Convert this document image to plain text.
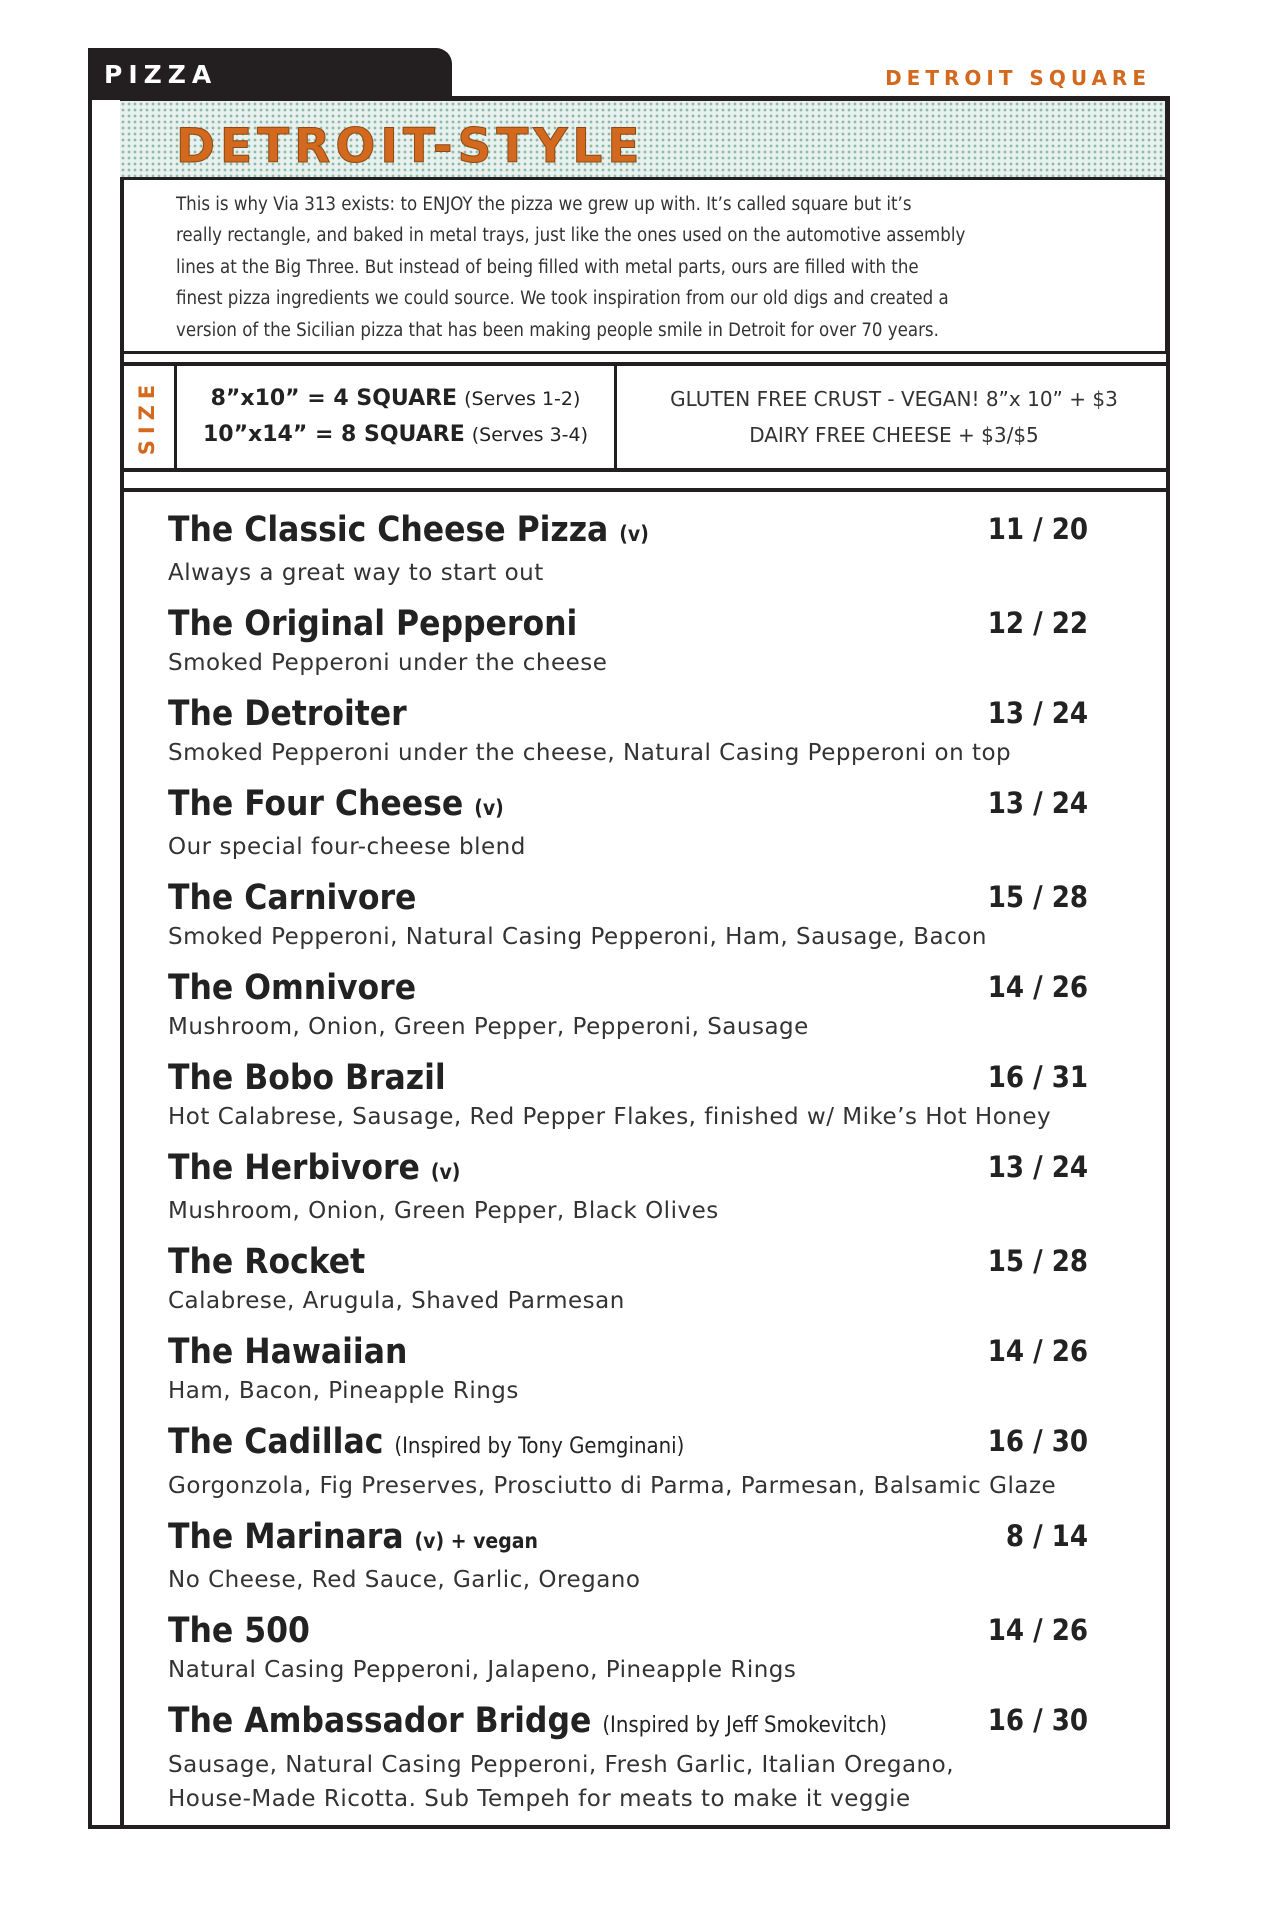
PIZZA	DETROIT SQUARE
DETROIT-STYLE
This is why Via 313 exists: to ENJOY the pizza we grew up with. It’s called square but it’s
really rectangle, and baked in metal trays, just like the ones used on the automotive assembly
lines at the Big Three. But instead of being filled with metal parts, ours are filled with the
finest pizza ingredients we could source. We took inspiration from our old digs and created a
version of the Sicilian pizza that has been making people smile in Detroit for over 70 years.
SIZE	8”x10” = 4 SQUARE (Serves 1-2)
10”x14” = 8 SQUARE (Serves 3-4)
GLUTEN FREE CRUST - VEGAN! 8”x 10” + $3
DAIRY FREE CHEESE + $3/$5
The Classic Cheese Pizza (v)	11 / 20
Always a great way to start out
The Original Pepperoni	12 / 22
Smoked Pepperoni under the cheese
The Detroiter	13 / 24
Smoked Pepperoni under the cheese, Natural Casing Pepperoni on top
The Four Cheese (v)	13 / 24
Our special four-cheese blend
The Carnivore	15 / 28
Smoked Pepperoni, Natural Casing Pepperoni, Ham, Sausage, Bacon
The Omnivore	14 / 26
Mushroom, Onion, Green Pepper, Pepperoni, Sausage
The Bobo Brazil	16 / 31
Hot Calabrese, Sausage, Red Pepper Flakes, finished w/ Mike’s Hot Honey
The Herbivore (v)	13 / 24
Mushroom, Onion, Green Pepper, Black Olives
The Rocket	15 / 28
Calabrese, Arugula, Shaved Parmesan
The Hawaiian	14 / 26
Ham, Bacon, Pineapple Rings
The Cadillac (Inspired by Tony Gemginani)	16 / 30
Gorgonzola, Fig Preserves, Prosciutto di Parma, Parmesan, Balsamic Glaze
The Marinara (v) + vegan	8 / 14
No Cheese, Red Sauce, Garlic, Oregano
The 500	14 / 26
Natural Casing Pepperoni, Jalapeno, Pineapple Rings
The Ambassador Bridge (Inspired by Jeff Smokevitch)	16 / 30
Sausage, Natural Casing Pepperoni, Fresh Garlic, Italian Oregano,
House-Made Ricotta. Sub Tempeh for meats to make it veggie
